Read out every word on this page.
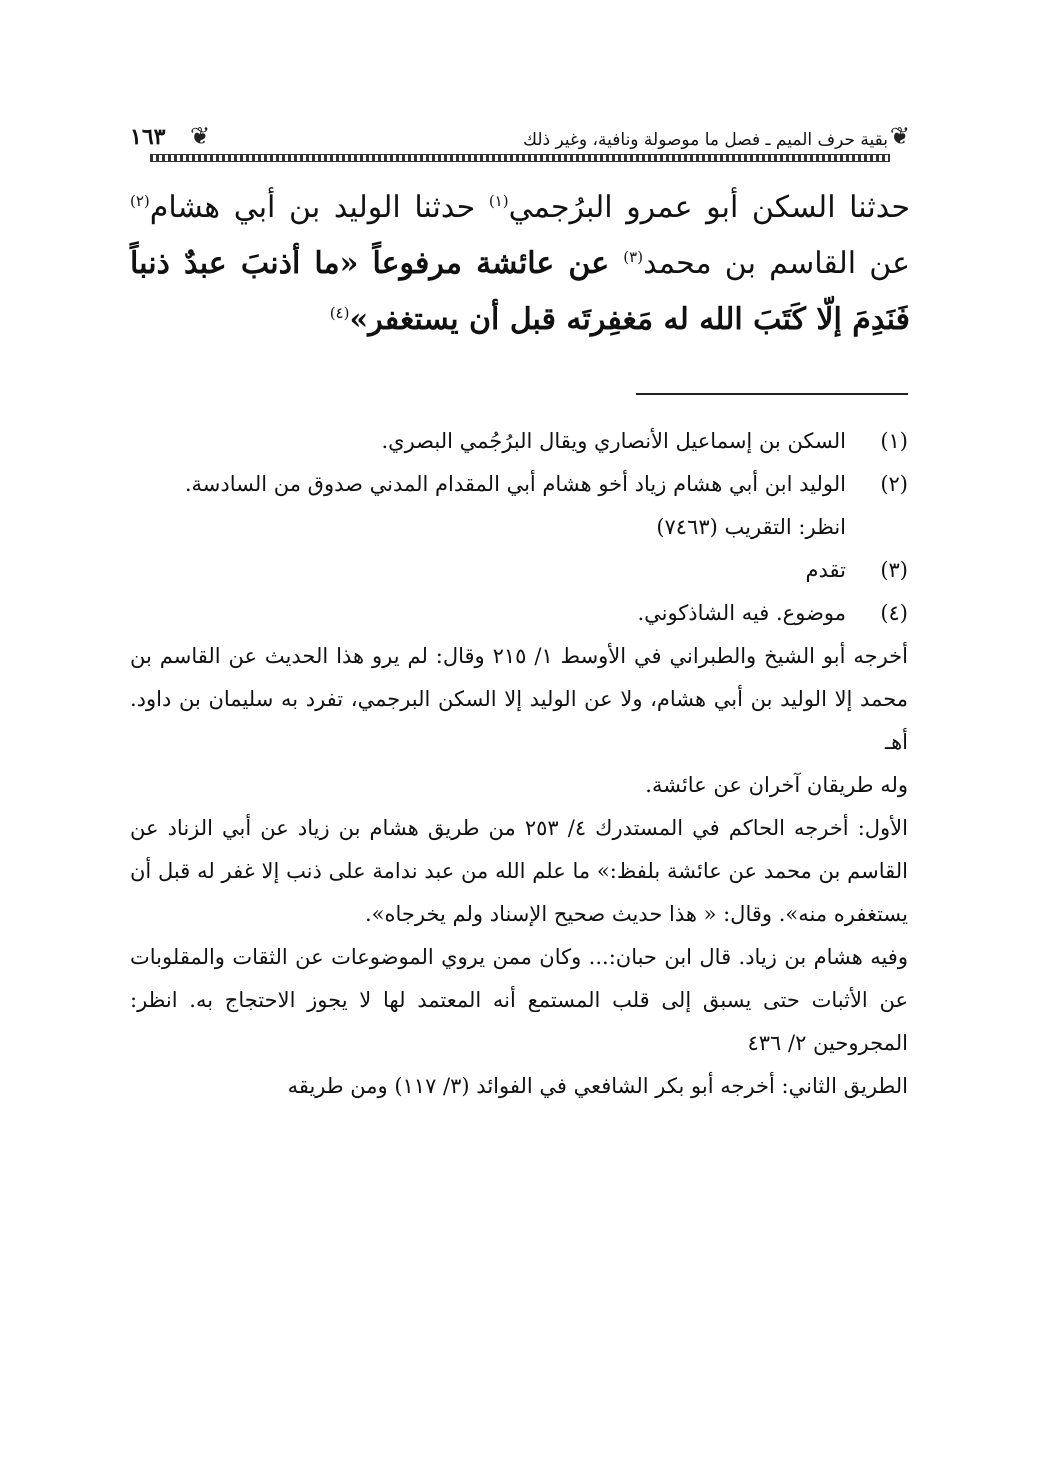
❦
بقية حرف الميم ـ فصل ما موصولة ونافية، وغير ذلك
١٦٣ ❦
حدثنا السكن أبو عمرو البرُجمي$^{(١)}$ حدثنا الوليد بن أبي هشام$^{(٢)}$ عن القاسم بن محمد$^{(٣)}$ عن عائشة مرفوعاً «ما أذنبَ عبدٌ ذنباً فَنَدِمَ إلّا كَتَبَ الله له مَغفِرتَه قبل أن يستغفر»$^{(٤)}$
(١)
السكن بن إسماعيل الأنصاري ويقال البرُجُمي البصري.
(٢)
الوليد ابن أبي هشام زياد أخو هشام أبي المقدام المدني صدوق من السادسة.
انظر: التقريب (٧٤٦٣)
(٣)
تقدم
(٤)
موضوع. فيه الشاذكوني.
أخرجه أبو الشيخ والطبراني في الأوسط ١/ ٢١٥ وقال: لم يرو هذا الحديث عن القاسم بن محمد إلا الوليد بن أبي هشام، ولا عن الوليد إلا السكن البرجمي، تفرد به سليمان بن داود. أهـ
وله طريقان آخران عن عائشة.
الأول: أخرجه الحاكم في المستدرك ٤/ ٢٥٣ من طريق هشام بن زياد عن أبي الزناد عن القاسم بن محمد عن عائشة بلفظ:» ما علم الله من عبد ندامة على ذنب إلا غفر له قبل أن يستغفره منه». وقال: « هذا حديث صحيح الإسناد ولم يخرجاه».
وفيه هشام بن زياد. قال ابن حبان:... وكان ممن يروي الموضوعات عن الثقات والمقلوبات عن الأثبات حتى يسبق إلى قلب المستمع أنه المعتمد لها لا يجوز الاحتجاج به. انظر: المجروحين ٢/ ٤٣٦
الطريق الثاني: أخرجه أبو بكر الشافعي في الفوائد (٣/ ١١٧) ومن طريقه
